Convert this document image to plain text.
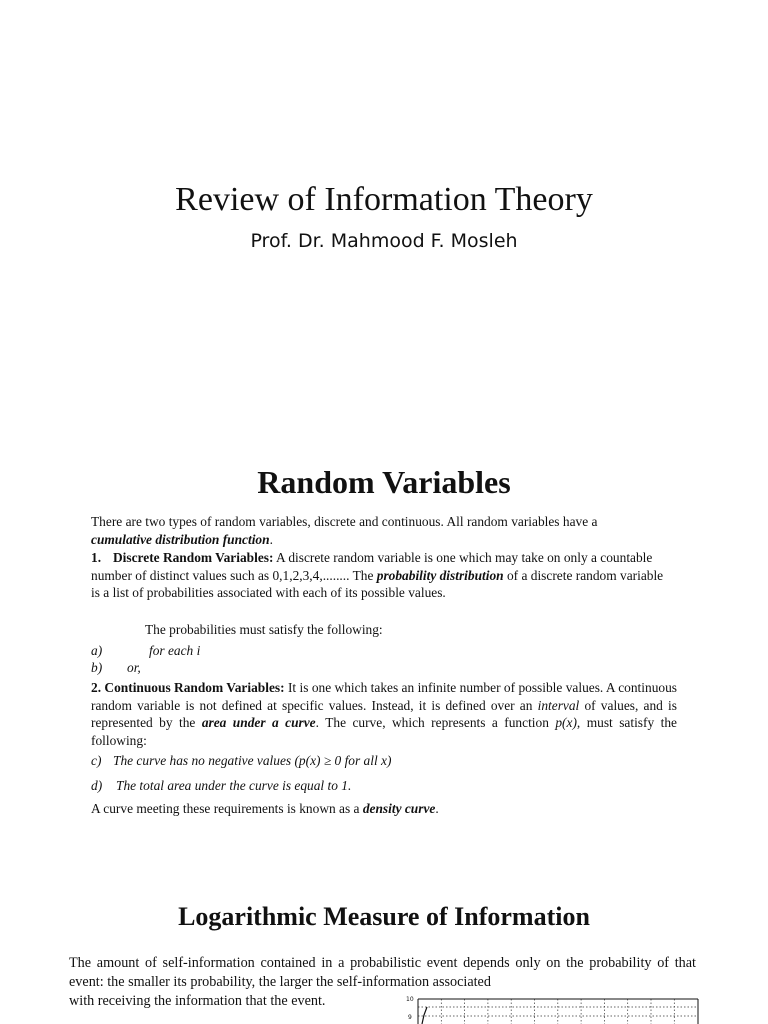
Review of Information Theory
Prof. Dr. Mahmood F. Mosleh
Random Variables
There are two types of random variables, discrete and continuous. All random variables have a cumulative distribution function.
1. Discrete Random Variables: A discrete random variable is one which may take on only a countable number of distinct values such as 0,1,2,3,4,........ The probability distribution of a discrete random variable is a list of probabilities associated with each of its possible values.
The probabilities must satisfy the following:
a)	for each i
b) or,
2. Continuous Random Variables: It is one which takes an infinite number of possible values. A continuous random variable is not defined at specific values. Instead, it is defined over an interval of values, and is represented by the area under a curve. The curve, which represents a function p(x), must satisfy the following:
c) The curve has no negative values (p(x) ≥ 0 for all x)
d) The total area under the curve is equal to 1.
A curve meeting these requirements is known as a density curve.
Logarithmic Measure of Information
The amount of self-information contained in a probabilistic event depends only on the probability of that event: the smaller its probability, the larger the self-information associated
with receiving the information that the event.	10
9
